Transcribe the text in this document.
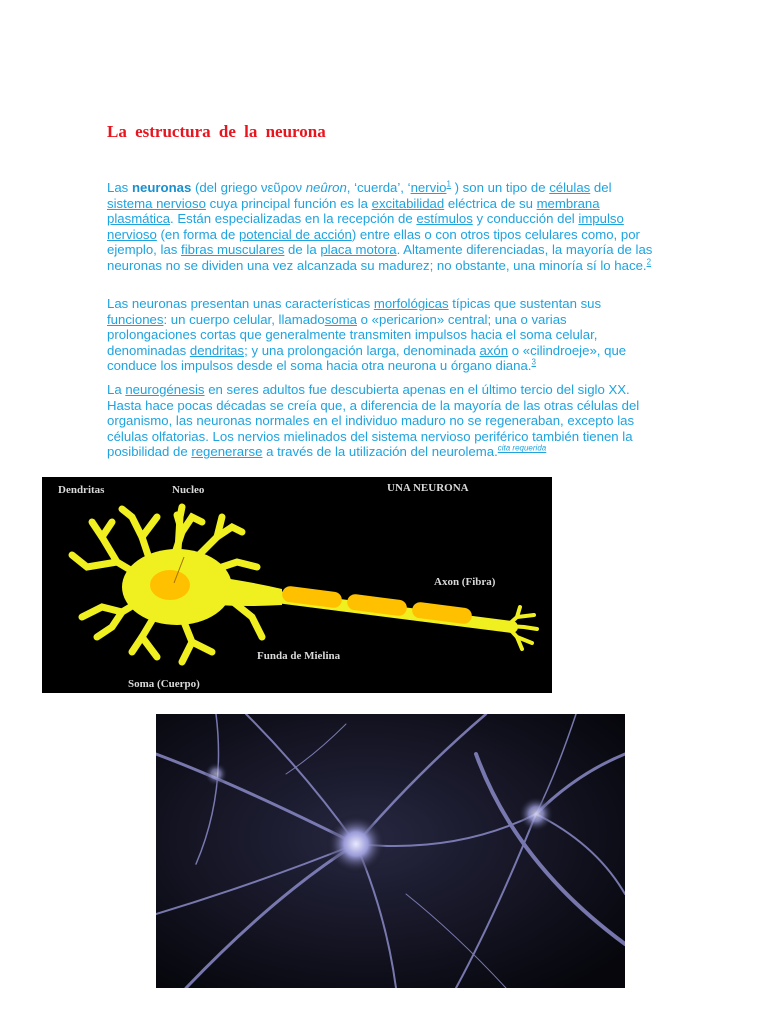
La estructura de la neurona

Las neuronas (del griego νεῦρον neûron, ‘cuerda’, ‘nervio$^1$ ) son un tipo de células del sistema nervioso cuya principal función es la excitabilidad eléctrica de su membrana plasmática. Están especializadas en la recepción de estímulos y conducción del impulso nervioso (en forma de potencial de acción) entre ellas o con otros tipos celulares como, por ejemplo, las fibras musculares de la placa motora. Altamente diferenciadas, la mayoría de las neuronas no se dividen una vez alcanzada su madurez; no obstante, una minoría sí lo hace.$^2$

Las neuronas presentan unas características morfológicas típicas que sustentan sus funciones: un cuerpo celular, llamadosoma o «pericarion» central; una o varias prolongaciones cortas que generalmente transmiten impulsos hacia el soma celular, denominadas dendritas; y una prolongación larga, denominada axón o «cilindroeje», que conduce los impulsos desde el soma hacia otra neurona u órgano diana.$^3$

La neurogénesis en seres adultos fue descubierta apenas en el último tercio del siglo XX. Hasta hace pocas décadas se creía que, a diferencia de la mayoría de las otras células del organismo, las neuronas normales en el individuo maduro no se regeneraban, excepto las células olfatorias. Los nervios mielinados del sistema nervioso periférico también tienen la posibilidad de regenerarse a través de la utilización del neurolema.$^{cita requerida}$

Dendritas	Nucleo	UNA NEURONA
Axon (Fibra)
Funda de Mielina
Soma (Cuerpo)
